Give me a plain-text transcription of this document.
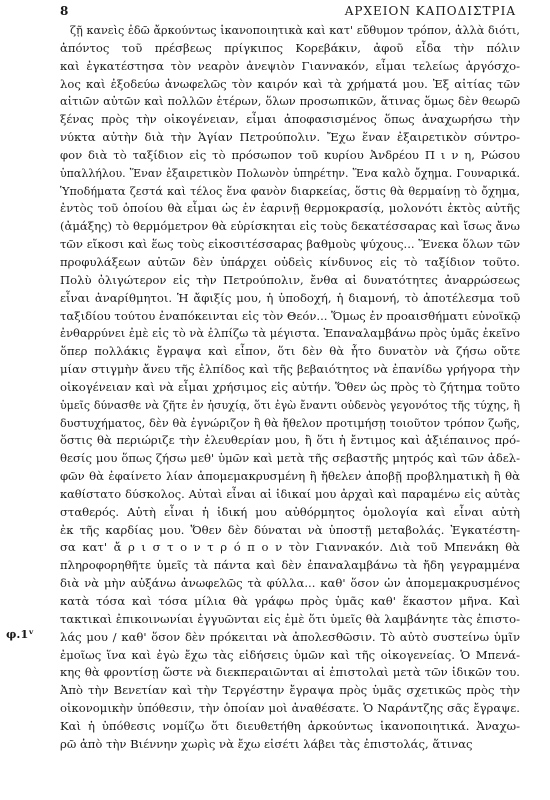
8	ΑΡΧΕΙΟΝ ΚΑΠΟΔΙΣΤΡΙΑ
φ.1ᵛ
ζῇ κανεὶς ἐδῶ ἄρκούντως ἱκανοποιητικὰ καὶ κατ' εὔθυμον τρόπον, ἀλλὰ διότι,
ἀπόντος τοῦ πρέσβεως πρίγκιπος Κορεβάκιν, ἀφοῦ εἶδα τὴν πόλιν
καὶ ἐγκατέστησα τὸν νεαρὸν ἀνεψιὸν Γιαννακόν, εἶμαι τελείως ἀργόσχο-
λος καὶ ἐξοδεύω ἀνωφελῶς τὸν καιρόν καὶ τὰ χρήματά μου. Ἐξ αἰτίας τῶν
αἰτιῶν αὐτῶν καὶ πολλῶν ἑτέρων, ὅλων προσωπικῶν, ἅτινας ὅμως δὲν θεωρῶ
ξένας πρὸς τὴν οἰκογένειαν, εἶμαι ἀποφασισμένος ὅπως ἀναχωρήσω τὴν
νύκτα αὐτὴν διὰ τὴν Ἁγίαν Πετρούπολιν. Ἔχω ἕναν ἐξαιρετικὸν σύντρο-
φον διὰ τὸ ταξίδιον εἰς τὸ πρόσωπον τοῦ κυρίου Ἀνδρέου Π ι ν η, Ρώσου
ὑπαλλήλου. Ἕναν ἐξαιρετικὸν Πολωνὸν ὑπηρέτην. Ἕνα καλὸ ὄχημα. Γουναρικά.
Ὑποδήματα ζεστά καὶ τέλος ἕνα φανὸν διαρκείας, ὅστις θὰ θερμαίνῃ τὸ ὄχημα,
ἐντὸς τοῦ ὁποίου θὰ εἶμαι ὡς ἐν ἐαρινῇ θερμοκρασίᾳ, μολονότι ἐκτὸς αὐτῆς
(ἀμάξης) τὸ θερμόμετρον θὰ εὑρίσκηται εἰς τοὺς δεκατέσσαρας καὶ ἴσως ἄνω
τῶν εἴκοσι καὶ ἕως τοὺς εἰκοσιτέσσαρας βαθμοὺς ψύχους... Ἕνεκα ὅλων τῶν
προφυλάξεων αὐτῶν δὲν ὑπάρχει οὐδεὶς κίνδυνος εἰς τὸ ταξίδιον τοῦτο.
Πολὺ ὀλιγώτερον εἰς τὴν Πετρούπολιν, ἔνθα αἱ δυνατότητες ἀναρρώσεως
εἶναι ἀναρίθμητοι. Ἡ ἄφιξίς μου, ἡ ὑποδοχή, ἡ διαμονή, τὸ ἀποτέλεσμα τοῦ
ταξιδίου τούτου ἐναπόκεινται εἰς τὸν Θεόν... Ὅμως ἐν προαισθήματι εὐνοϊκῷ
ἐνθαρρύνει ἐμὲ εἰς τὸ νὰ ἐλπίζω τὰ μέγιστα. Ἐπαναλαμβάνω πρὸς ὑμᾶς ἐκεῖνο
ὅπερ πολλάκις ἔγραψα καὶ εἶπον, ὅτι δὲν θὰ ἦτο δυνατὸν νὰ ζήσω οὔτε
μίαν στιγμὴν ἄνευ τῆς ἐλπίδος καὶ τῆς βεβαιότητος νὰ ἐπανίδω γρήγορα τὴν
οἰκογένειαν καὶ νὰ εἶμαι χρήσιμος εἰς αὐτήν. Ὅθεν ὡς πρὸς τὸ ζήτημα τοῦτο
ὑμεῖς δύνασθε νὰ ζῆτε ἐν ἡσυχίᾳ, ὅτι ἐγὼ ἔναντι οὐδενὸς γεγονότος τῆς τύχης, ἢ
δυστυχήματος, δὲν θὰ ἐγνώριζον ἢ θὰ ἤθελον προτιμήσῃ τοιοῦτον τρόπον ζωῆς,
ὅστις θὰ περιώριζε τὴν ἐλευθερίαν μου, ἢ ὅτι ἡ ἔντιμος καὶ ἀξιέπαινος πρό-
θεσίς μου ὅπως ζήσω μεθ' ὑμῶν καὶ μετὰ τῆς σεβαστῆς μητρός καὶ τῶν ἀδελ-
φῶν θὰ ἐφαίνετο λίαν ἀπομεμακρυσμένη ἢ ἤθελεν ἀποβῇ προβληματικὴ ἢ θὰ
καθίστατο δύσκολος. Αὐταὶ εἶναι αἱ ἰδικαί μου ἀρχαὶ καὶ παραμένω εἰς αὐτὰς
σταθερός. Αὐτὴ εἶναι ἡ ἰδική μου αὐθόρμητος ὁμολογία καὶ εἶναι αὐτὴ
ἐκ τῆς καρδίας μου. Ὅθεν δὲν δύναται νὰ ὑποστῇ μεταβολάς. Ἐγκατέστη-
σα κατ' ἄ ρ ι σ τ ο ν τ ρ ό π ο ν τὸν Γιαννακόν. Διὰ τοῦ Μπενάκη θὰ
πληροφορηθῆτε ὑμεῖς τὰ πάντα καὶ δὲν ἐπαναλαμβάνω τὰ ἤδη γεγραμμένα
διὰ νὰ μὴν αὐξάνω ἀνωφελῶς τὰ φύλλα... καθ' ὅσον ὡν ἀπομεμακρυσμένος
κατὰ τόσα καὶ τόσα μίλια θὰ γράφω πρὸς ὑμᾶς καθ' ἕκαστον μῆνα. Καὶ
τακτικαὶ ἐπικοινωνίαι ἐγγυῶνται εἰς ἐμὲ ὅτι ὑμεῖς θὰ λαμβάνητε τὰς ἐπιστο-
λάς μου / καθ' ὅσον δὲν πρόκειται νὰ ἀπολεσθῶσιν. Τὸ αὐτὸ συστείνω ὑμῖν
ἐμοῖως ἵνα καὶ ἐγὼ ἔχω τὰς εἰδήσεις ὑμῶν καὶ τῆς οἰκογενείας. Ὁ Μπενά-
κης θὰ φροντίσῃ ὥστε νὰ διεκπεραιῶνται αἱ ἐπιστολαὶ μετὰ τῶν ἰδικῶν του.
Ἀπὸ τὴν Βενετίαν καὶ τὴν Τεργέστην ἔγραψα πρὸς ὑμᾶς σχετικῶς πρὸς τὴν
οἰκονομικὴν ὑπόθεσιν, τὴν ὁποίαν μοὶ ἀναθέσατε. Ὁ Ναράντζης σᾶς ἔγραψε.
Καὶ ἡ ὑπόθεσις νομίζω ὅτι διευθετήθη ἀρκούντως ἱκανοποιητικά. Ἀναχω-
ρῶ ἀπὸ τὴν Βιέννην χωρὶς νὰ ἔχω εἰσέτι λάβει τὰς ἐπιστολάς, ἅτινας
